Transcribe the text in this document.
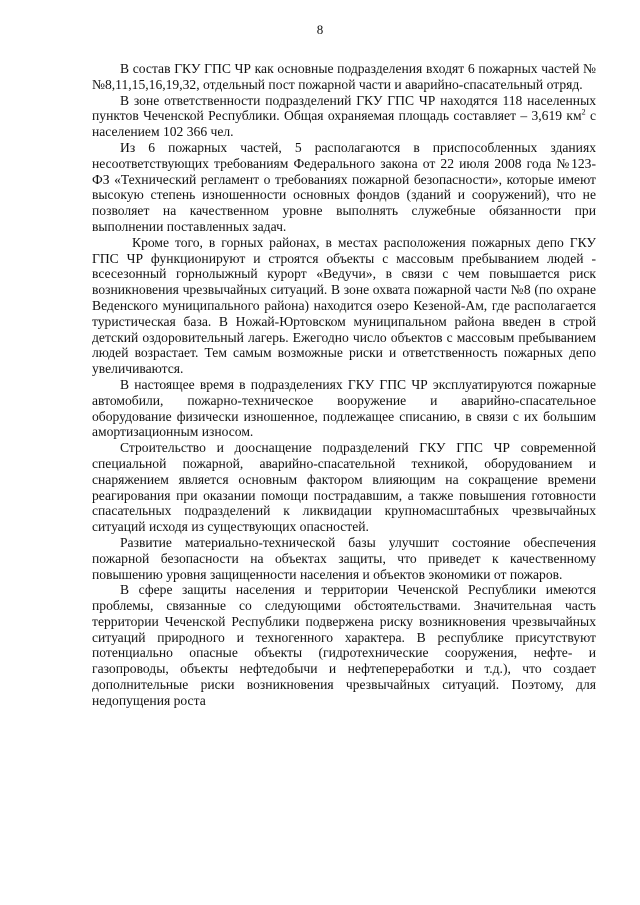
8

В состав ГКУ ГПС ЧР как основные подразделения входят 6 пожарных частей №№8,11,15,16,19,32, отдельный пост пожарной части и аварийно-спасательный отряд.

В зоне ответственности подразделений ГКУ ГПС ЧР находятся 118 населенных пунктов Чеченской Республики. Общая охраняемая площадь составляет – 3,619 $км^2$ с населением 102 366 чел.

Из 6 пожарных частей, 5 располагаются в приспособленных зданиях несоответствующих требованиям Федерального закона от 22 июля 2008 года №123-ФЗ «Технический регламент о требованиях пожарной безопасности», которые имеют высокую степень изношенности основных фондов (зданий и сооружений), что не позволяет на качественном уровне выполнять служебные обязанности при выполнении поставленных задач.

Кроме того, в горных районах, в местах расположения пожарных депо ГКУ ГПС ЧР функционируют и строятся объекты с массовым пребыванием людей - всесезонный горнолыжный курорт «Ведучи», в связи с чем повышается риск возникновения чрезвычайных ситуаций. В зоне охвата пожарной части №8 (по охране Веденского муниципального района) находится озеро Кезеной-Ам, где располагается туристическая база. В Ножай-Юртовском муниципальном района введен в строй детский оздоровительный лагерь. Ежегодно число объектов с массовым пребыванием людей возрастает. Тем самым возможные риски и ответственность пожарных депо увеличиваются.

В настоящее время в подразделениях ГКУ ГПС ЧР эксплуатируются пожарные автомобили, пожарно-техническое вооружение и аварийно-спасательное оборудование физически изношенное, подлежащее списанию, в связи с их большим амортизационным износом.

Строительство и дооснащение подразделений ГКУ ГПС ЧР современной специальной пожарной, аварийно-спасательной техникой, оборудованием и снаряжением является основным фактором влияющим на сокращение времени реагирования при оказании помощи пострадавшим, а также повышения готовности спасательных подразделений к ликвидации крупномасштабных чрезвычайных ситуаций исходя из существующих опасностей.

Развитие материально-технической базы улучшит состояние обеспечения пожарной безопасности на объектах защиты, что приведет к качественному повышению уровня защищенности населения и объектов экономики от пожаров.

В сфере защиты населения и территории Чеченской Республики имеются проблемы, связанные со следующими обстоятельствами. Значительная часть территории Чеченской Республики подвержена риску возникновения чрезвычайных ситуаций природного и техногенного характера. В республике присутствуют потенциально опасные объекты (гидротехнические сооружения, нефте- и газопроводы, объекты нефтедобычи и нефтепереработки и т.д.), что создает дополнительные риски возникновения чрезвычайных ситуаций. Поэтому, для недопущения роста
